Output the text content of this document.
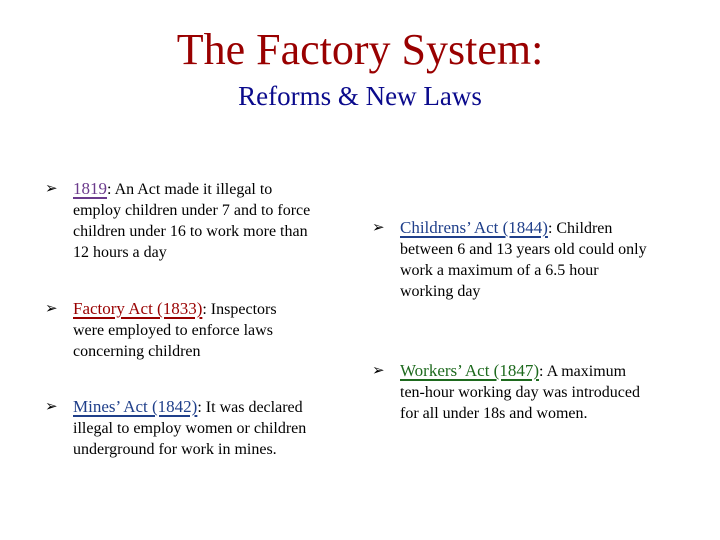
The Factory System:
Reforms & New Laws
➢ 1819: An Act made it illegal to
employ children under 7 and to force
children under 16 to work more than
12 hours a day
➢ Factory Act (1833): Inspectors
were employed to enforce laws
concerning children
➢ Mines’ Act (1842): It was declared
illegal to employ women or children
underground for work in mines.
➢ Childrens’ Act (1844): Children
between 6 and 13 years old could only
work a maximum of a 6.5 hour
working day
➢ Workers’ Act (1847): A maximum
ten-hour working day was introduced
for all under 18s and women.
